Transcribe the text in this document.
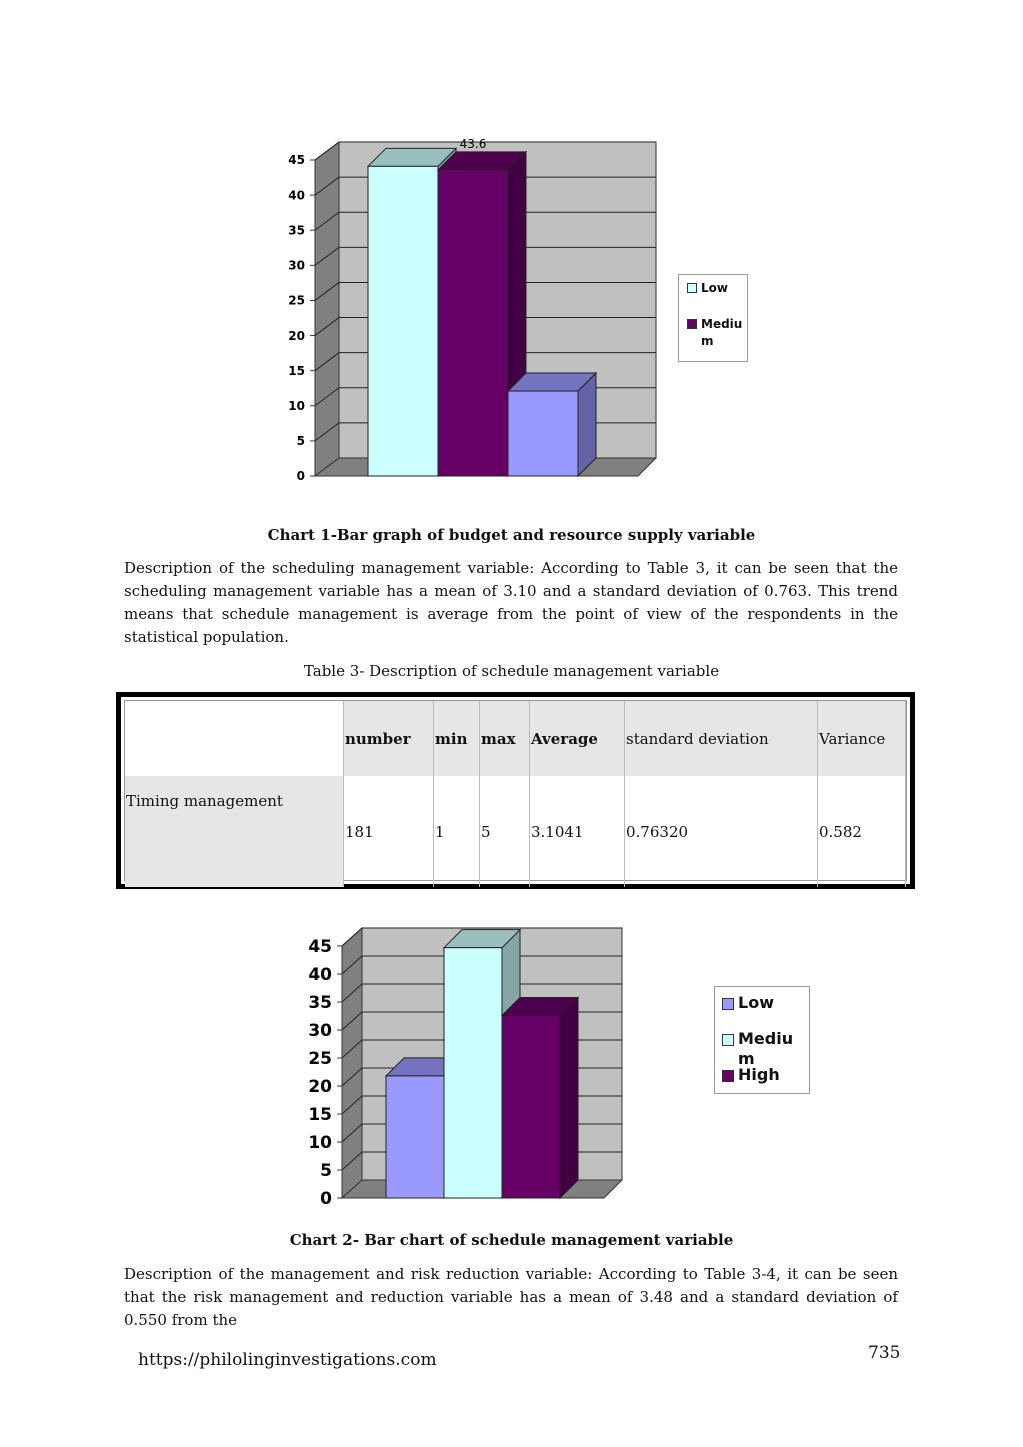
45
40
35
30
25
20
15
10
5
0
43.6
Low
Medium
Chart 1-Bar graph of budget and resource supply variable

Description of the scheduling management variable: According to Table 3, it can be seen that the scheduling management variable has a mean of 3.10 and a standard deviation of 0.763. This trend means that schedule management is average from the point of view of the respondents in the statistical population.

Table 3- Description of schedule management variable
	number	min	max	Average	standard deviation	Variance
Timing management	181	1	5	3.1041	0.76320	0.582
45
40
35
30
25
20
15
10
5
0
Low
Medium
High
Chart 2- Bar chart of schedule management variable

Description of the management and risk reduction variable: According to Table 3-4, it can be seen that the risk management and reduction variable has a mean of 3.48 and a standard deviation of 0.550 from the

https://philolinginvestigations.com	735
